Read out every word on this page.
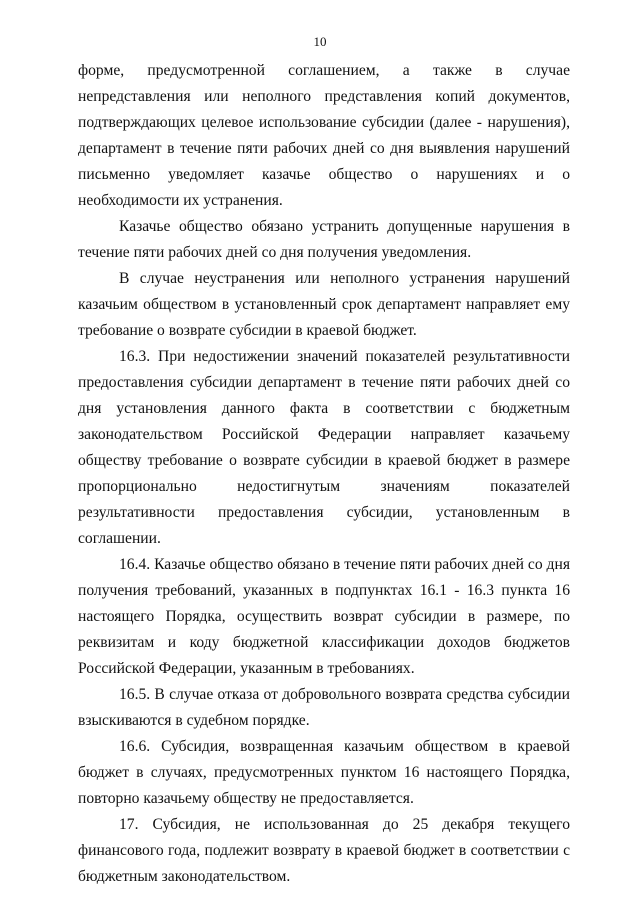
10

форме, предусмотренной соглашением, а также в случае непредставления или неполного представления копий документов, подтверждающих целевое использование субсидии (далее - нарушения), департамент в течение пяти рабочих дней со дня выявления нарушений письменно уведомляет казачье общество о нарушениях и о необходимости их устранения.

Казачье общество обязано устранить допущенные нарушения в течение пяти рабочих дней со дня получения уведомления.

В случае неустранения или неполного устранения нарушений казачьим обществом в установленный срок департамент направляет ему требование о возврате субсидии в краевой бюджет.

16.3. При недостижении значений показателей результативности предоставления субсидии департамент в течение пяти рабочих дней со дня установления данного факта в соответствии с бюджетным законодательством Российской Федерации направляет казачьему обществу требование о возврате субсидии в краевой бюджет в размере пропорционально недостигнутым значениям показателей результативности предоставления субсидии, установленным в соглашении.

16.4. Казачье общество обязано в течение пяти рабочих дней со дня получения требований, указанных в подпунктах 16.1 - 16.3 пункта 16 настоящего Порядка, осуществить возврат субсидии в размере, по реквизитам и коду бюджетной классификации доходов бюджетов Российской Федерации, указанным в требованиях.

16.5. В случае отказа от добровольного возврата средства субсидии взыскиваются в судебном порядке.

16.6. Субсидия, возвращенная казачьим обществом в краевой бюджет в случаях, предусмотренных пунктом 16 настоящего Порядка, повторно казачьему обществу не предоставляется.

17. Субсидия, не использованная до 25 декабря текущего финансового года, подлежит возврату в краевой бюджет в соответствии с бюджетным законодательством.
